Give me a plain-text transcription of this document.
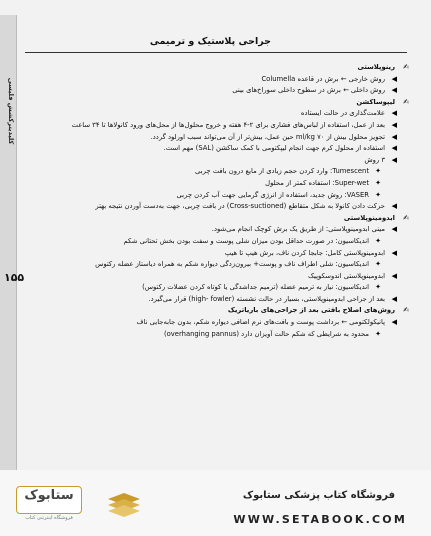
کلیدیترکشش فلیسی
۱۵۵
جراحی پلاستیک و ترمیمی
✍
رینوپلاستی
◀
روش خارجی ← برش در قاعده Columella
◀
روش داخلی ← برش در سطوح داخلی سوراخ‌های بینی
✍
لیپوساکشن
◀
علامت‌گذاری در حالت ایستاده
◀
بعد از عمل، استفاده از لباس‌های فشاری برای ۲-۴ هفته و خروج محلول‌ها از محل‌های ورود کانولاها تا ۳۴ ساعت
◀
تجویز محلول بیش از ۷۰ ml/kg حین عمل، بیش‌تر از آن می‌تواند سبب اورلود گردد.
◀
استفاده از محلول کرم جهت انجام لیپکتومی با کمک ساکشن (SAL) مهم است.
◀
۳ روش
✦
Tumescent: وارد کردن حجم زیادی از مایع درون بافت چربی
✦
Super-wet: استفاده کمتر از محلول
✦
VASER: روش جدید، استفاده از انرژی گرمایی جهت آب کردن چربی
◀
حرکت دادن کانولا به شکل متقاطع (Cross-suctioned) در بافت چربی، جهت به‌دست آوردن نتیجه بهتر
✍
ابدومینوپلاستی
◀
مینی ابدومینوپلاستی: از طریق یک برش کوچک انجام می‌شود.
✦
اندیکاسیون: در صورت حداقل بودن میزان شلی پوست و سفت بودن بخش تحتانی شکم
◀
ابدومینوپلاستی کامل: جابجا کردن ناف، برش هیپ تا هیپ
✦
اندیکاسیون: شلی اطراف ناف و پوست+ بیرون‌زدگی دیواره شکم به همراه دیاستاز عضله رکتوس
◀
ابدومینوپلاستی اندوسکوپیک
✦
اندیکاسیون: نیاز به ترمیم عضله (ترمیم جداشدگی یا کوتاه کردن عضلات رکتوس)
◀
بعد از جراحی ابدومینوپلاستی، بسیار در حالت نشسته (high- fowler) قرار می‌گیرد.
✍
روش‌های اصلاح بافتی بعد از جراحی‌های باریاتریک
◀
پانیکولکتومی ← برداشت پوست و بافت‌های نرم اضافی دیواره شکم، بدون جابه‌جایی ناف
✦
محدود به شرایطی که شکم حالت آویزان دارد (overhanging pannus)
ستابوک
فروشگاه اینترنتی کتاب
فروشگاه کتاب پزشکی ستابوک
WWW.SETABOOK.COM
